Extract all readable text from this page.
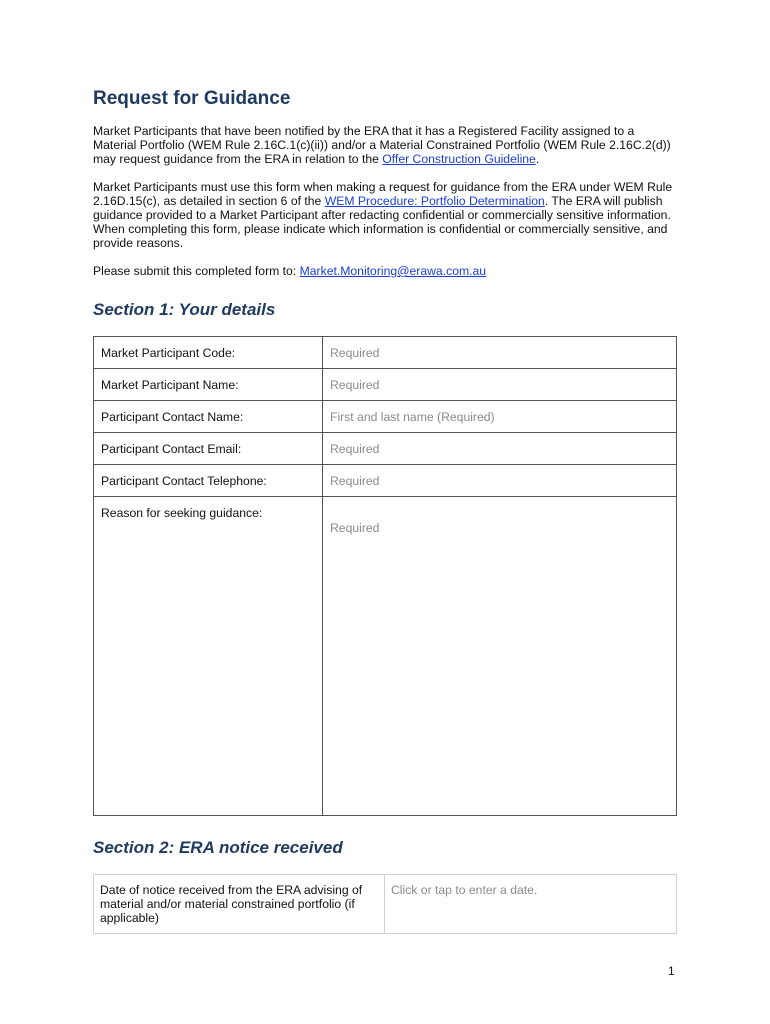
Request for Guidance

Market Participants that have been notified by the ERA that it has a Registered Facility assigned to a Material Portfolio (WEM Rule 2.16C.1(c)(ii)) and/or a Material Constrained Portfolio (WEM Rule 2.16C.2(d)) may request guidance from the ERA in relation to the Offer Construction Guideline.

Market Participants must use this form when making a request for guidance from the ERA under WEM Rule 2.16D.15(c), as detailed in section 6 of the WEM Procedure: Portfolio Determination. The ERA will publish guidance provided to a Market Participant after redacting confidential or commercially sensitive information. When completing this form, please indicate which information is confidential or commercially sensitive, and provide reasons.

Please submit this completed form to: Market.Monitoring@erawa.com.au

Section 1: Your details
Market Participant Code:	Required
Market Participant Name:	Required
Participant Contact Name:	First and last name (Required)
Participant Contact Email:	Required
Participant Contact Telephone:	Required
Reason for seeking guidance:	Required
Section 2: ERA notice received
Date of notice received from the ERA advising of material and/or material constrained portfolio (if applicable)	Click or tap to enter a date.
1
